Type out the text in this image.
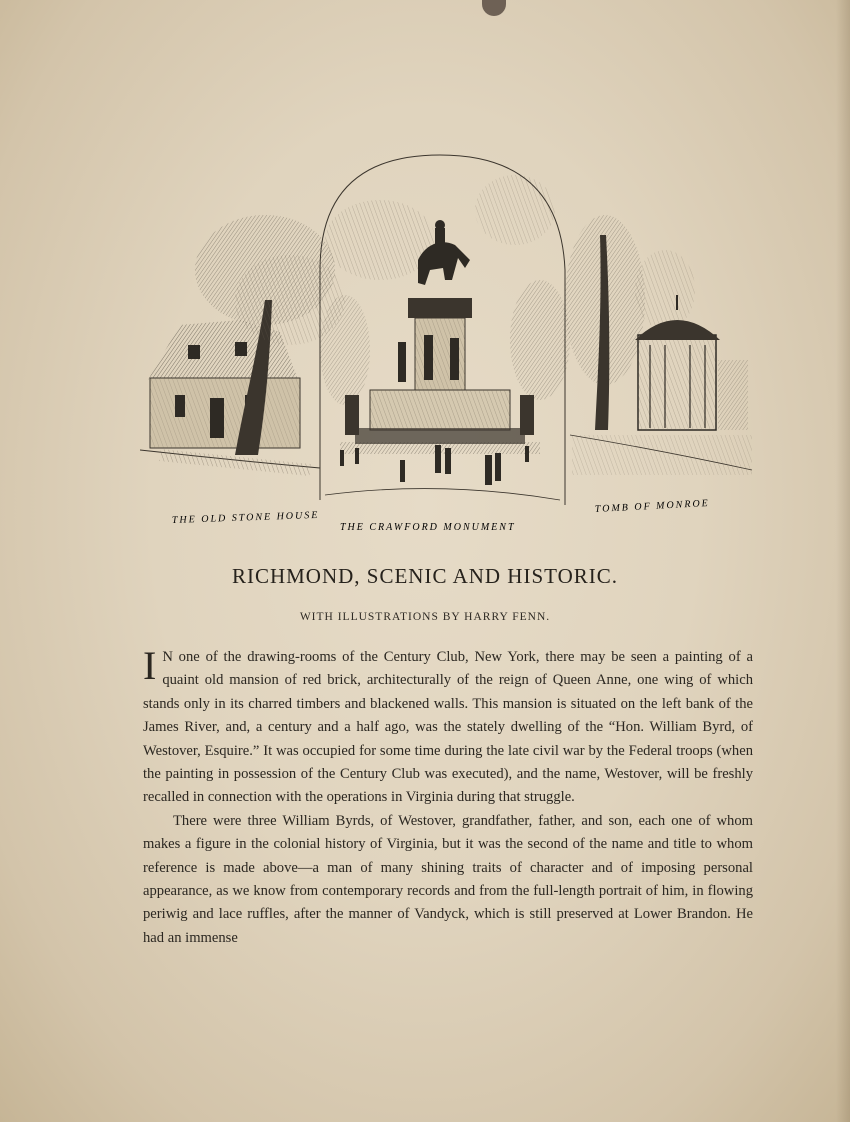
THE OLD STONE HOUSE
THE CRAWFORD MONUMENT
TOMB OF MONROE
RICHMOND, SCENIC AND HISTORIC.
WITH ILLUSTRATIONS BY HARRY FENN.

I N one of the drawing-rooms of the Century Club, New York, there may be seen a painting of a quaint old mansion of red brick, architecturally of the reign of Queen Anne, one wing of which stands only in its charred timbers and blackened walls. This mansion is situated on the left bank of the James River, and, a century and a half ago, was the stately dwelling of the “Hon. William Byrd, of Westover, Esquire.” It was occupied for some time during the late civil war by the Federal troops (when the painting in possession of the Century Club was executed), and the name, Westover, will be freshly recalled in connection with the operations in Virginia during that struggle.

There were three William Byrds, of Westover, grandfather, father, and son, each one of whom makes a figure in the colonial history of Virginia, but it was the second of the name and title to whom reference is made above—a man of many shining traits of character and of imposing personal appearance, as we know from contemporary records and from the full-length portrait of him, in flowing periwig and lace ruffles, after the manner of Vandyck, which is still preserved at Lower Brandon. He had an immense
